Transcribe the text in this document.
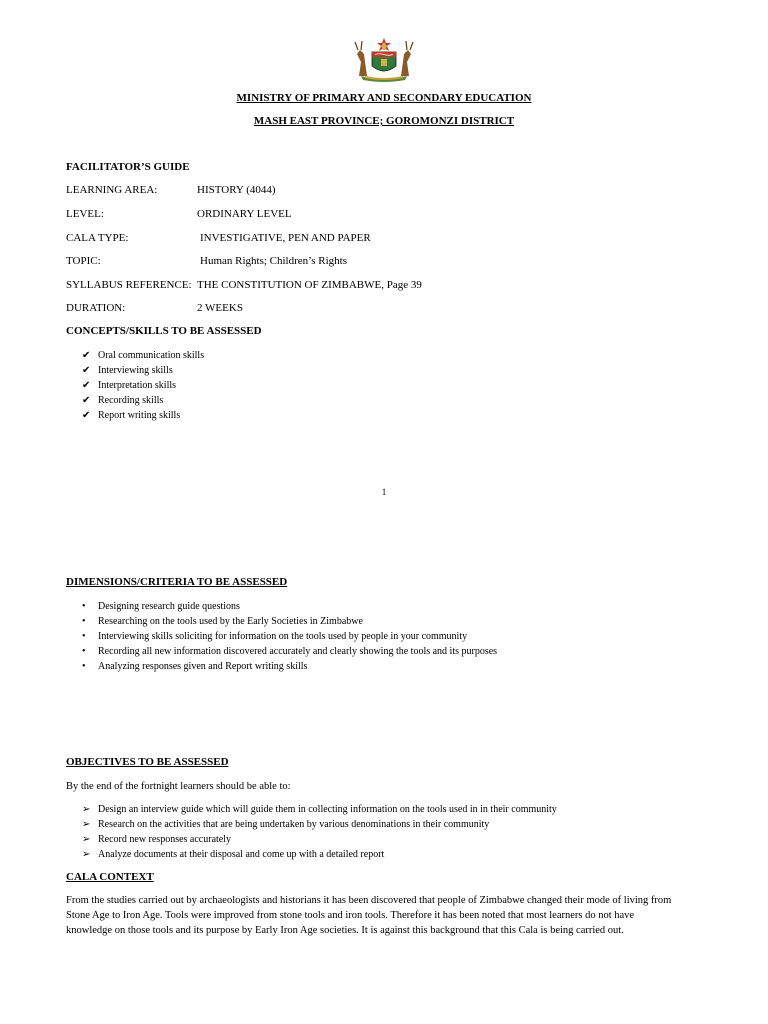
MINISTRY OF PRIMARY AND SECONDARY EDUCATION
MASH EAST PROVINCE; GOROMONZI DISTRICT
FACILITATOR’S GUIDE
LEARNING AREA:	HISTORY (4044)
LEVEL:	ORDINARY LEVEL
CALA TYPE:	INVESTIGATIVE, PEN AND PAPER
TOPIC:	Human Rights; Children’s Rights
SYLLABUS REFERENCE: THE CONSTITUTION OF ZIMBABWE, Page 39
DURATION:	2 WEEKS
CONCEPTS/SKILLS TO BE ASSESSED
✔ Oral communication skills
✔ Interviewing skills
✔ Interpretation skills
✔ Recording skills
✔ Report writing skills
1
DIMENSIONS/CRITERIA TO BE ASSESSED
• Designing research guide questions
• Researching on the tools used by the Early Societies in Zimbabwe
• Interviewing skills soliciting for information on the tools used by people in your community
• Recording all new information discovered accurately and clearly showing the tools and its purposes
• Analyzing responses given and Report writing skills
OBJECTIVES TO BE ASSESSED
By the end of the fortnight learners should be able to:
➢ Design an interview guide which will guide them in collecting information on the tools used in in their community
➢ Research on the activities that are being undertaken by various denominations in their community
➢ Record new responses accurately
➢ Analyze documents at their disposal and come up with a detailed report
CALA CONTEXT
From the studies carried out by archaeologists and historians it has been discovered that people of Zimbabwe changed their mode of living from
Stone Age to Iron Age. Tools were improved from stone tools and iron tools. Therefore it has been noted that most learners do not have
knowledge on those tools and its purpose by Early Iron Age societies. It is against this background that this Cala is being carried out.
